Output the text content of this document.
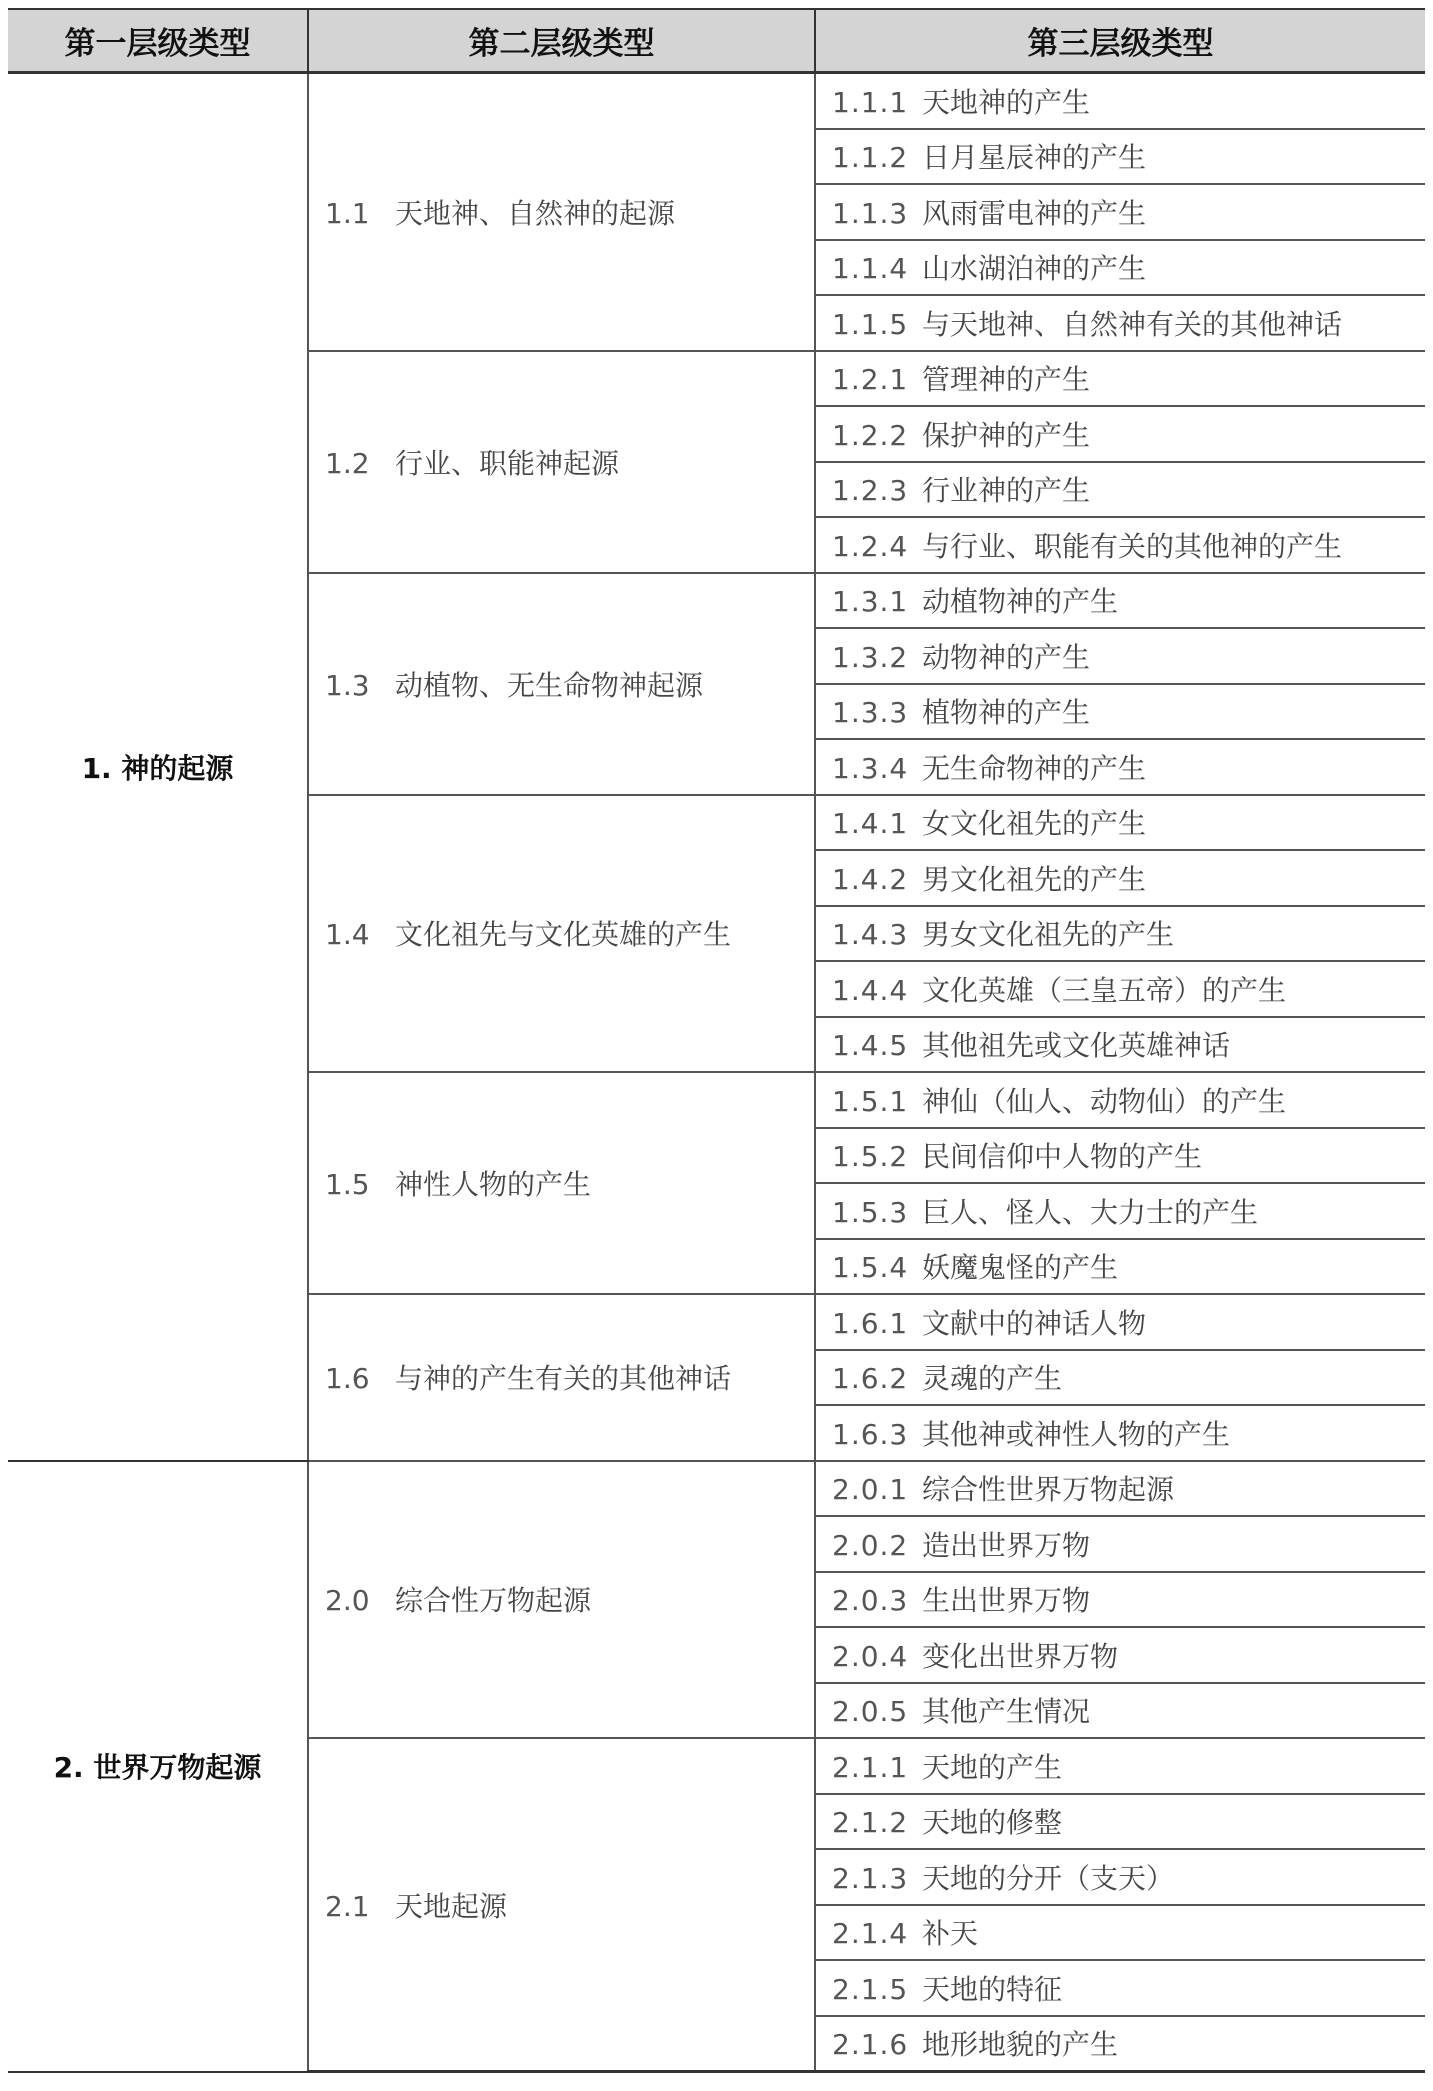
第一层级类型	第二层级类型	第三层级类型
1. 神的起源	1.1 天地神、自然神的起源	1.1.1 天地神的产生
		1.1.2 日月星辰神的产生
		1.1.3 风雨雷电神的产生
		1.1.4 山水湖泊神的产生
		1.1.5 与天地神、自然神有关的其他神话
	1.2 行业、职能神起源	1.2.1 管理神的产生
		1.2.2 保护神的产生
		1.2.3 行业神的产生
		1.2.4 与行业、职能有关的其他神的产生
	1.3 动植物、无生命物神起源	1.3.1 动植物神的产生
		1.3.2 动物神的产生
		1.3.3 植物神的产生
		1.3.4 无生命物神的产生
	1.4 文化祖先与文化英雄的产生	1.4.1 女文化祖先的产生
		1.4.2 男文化祖先的产生
		1.4.3 男女文化祖先的产生
		1.4.4 文化英雄（三皇五帝）的产生
		1.4.5 其他祖先或文化英雄神话
	1.5 神性人物的产生	1.5.1 神仙（仙人、动物仙）的产生
		1.5.2 民间信仰中人物的产生
		1.5.3 巨人、怪人、大力士的产生
		1.5.4 妖魔鬼怪的产生
	1.6 与神的产生有关的其他神话	1.6.1 文献中的神话人物
		1.6.2 灵魂的产生
		1.6.3 其他神或神性人物的产生
2. 世界万物起源	2.0 综合性万物起源	2.0.1 综合性世界万物起源
		2.0.2 造出世界万物
		2.0.3 生出世界万物
		2.0.4 变化出世界万物
		2.0.5 其他产生情况
	2.1 天地起源	2.1.1 天地的产生
		2.1.2 天地的修整
		2.1.3 天地的分开（支天）
		2.1.4 补天
		2.1.5 天地的特征
		2.1.6 地形地貌的产生
